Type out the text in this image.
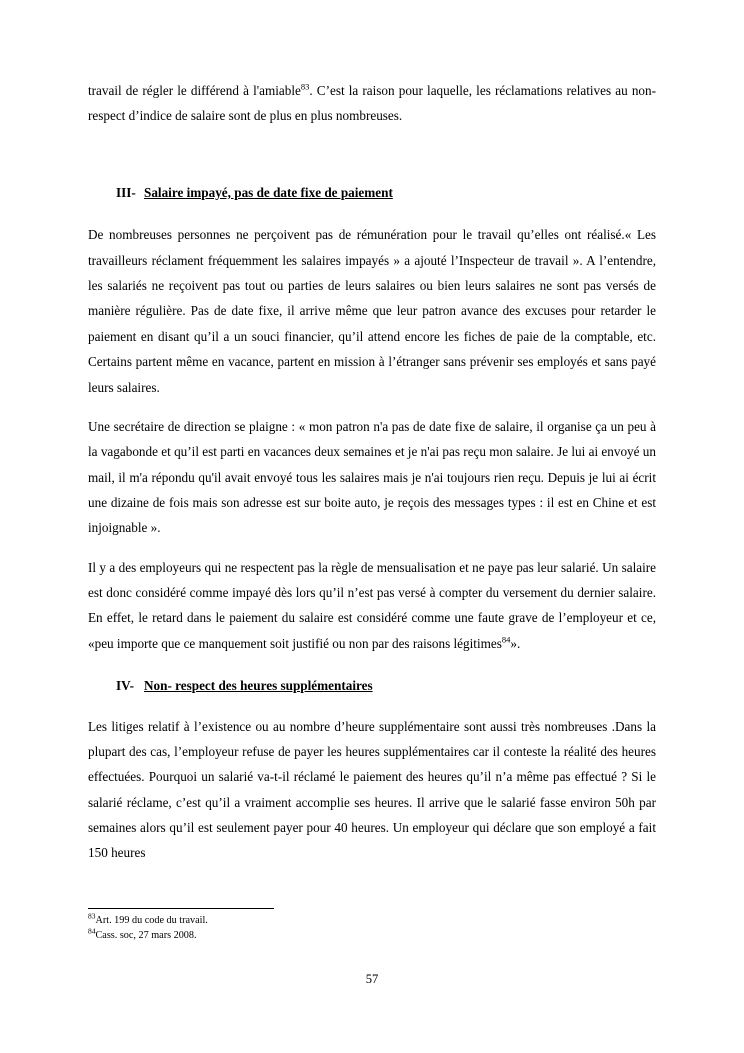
travail de régler le différend à l'amiable$^{83}$. C’est la raison pour laquelle, les réclamations relatives au non-respect d’indice de salaire sont de plus en plus nombreuses.

III- Salaire impayé, pas de date fixe de paiement

De nombreuses personnes ne perçoivent pas de rémunération pour le travail qu’elles ont réalisé.« Les travailleurs réclament fréquemment les salaires impayés » a ajouté l’Inspecteur de travail ». A l’entendre, les salariés ne reçoivent pas tout ou parties de leurs salaires ou bien leurs salaires ne sont pas versés de manière régulière. Pas de date fixe, il arrive même que leur patron avance des excuses pour retarder le paiement en disant qu’il a un souci financier, qu’il attend encore les fiches de paie de la comptable, etc. Certains partent même en vacance, partent en mission à l’étranger sans prévenir ses employés et sans payé leurs salaires.

Une secrétaire de direction se plaigne : « mon patron n'a pas de date fixe de salaire, il organise ça un peu à la vagabonde et qu’il est parti en vacances deux semaines et je n'ai pas reçu mon salaire. Je lui ai envoyé un mail, il m'a répondu qu'il avait envoyé tous les salaires mais je n'ai toujours rien reçu. Depuis je lui ai écrit une dizaine de fois mais son adresse est sur boite auto, je reçois des messages types : il est en Chine et est injoignable ».

Il y a des employeurs qui ne respectent pas la règle de mensualisation et ne paye pas leur salarié. Un salaire est donc considéré comme impayé dès lors qu’il n’est pas versé à compter du versement du dernier salaire. En effet, le retard dans le paiement du salaire est considéré comme une faute grave de l’employeur et ce, «peu importe que ce manquement soit justifié ou non par des raisons légitimes$^{84}$».

IV- Non- respect des heures supplémentaires

Les litiges relatif à l’existence ou au nombre d’heure supplémentaire sont aussi très nombreuses .Dans la plupart des cas, l’employeur refuse de payer les heures supplémentaires car il conteste la réalité des heures effectuées. Pourquoi un salarié va-t-il réclamé le paiement des heures qu’il n’a même pas effectué ? Si le salarié réclame, c’est qu’il a vraiment accomplie ses heures. Il arrive que le salarié fasse environ 50h par semaines alors qu’il est seulement payer pour 40 heures. Un employeur qui déclare que son employé a fait 150 heures

$^{83}$Art. 199 du code du travail.

$^{84}$Cass. soc, 27 mars 2008.

57
